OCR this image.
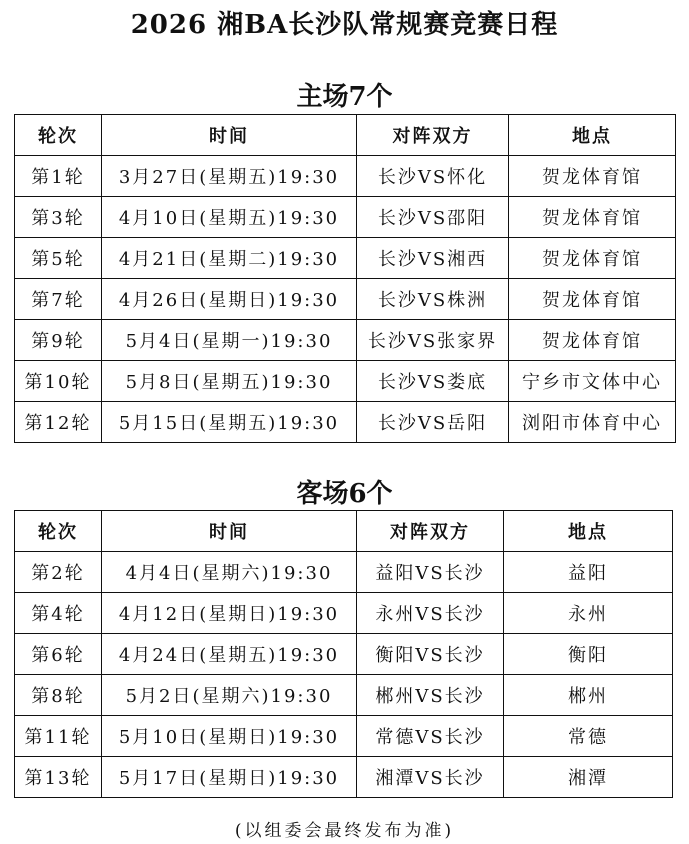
2026 湘BA长沙队常规赛竞赛日程
主场7个
轮次	时间	对阵双方	地点
第1轮	3月27日(星期五)19:30	长沙VS怀化	贺龙体育馆
第3轮	4月10日(星期五)19:30	长沙VS邵阳	贺龙体育馆
第5轮	4月21日(星期二)19:30	长沙VS湘西	贺龙体育馆
第7轮	4月26日(星期日)19:30	长沙VS株洲	贺龙体育馆
第9轮	5月4日(星期一)19:30	长沙VS张家界	贺龙体育馆
第10轮	5月8日(星期五)19:30	长沙VS娄底	宁乡市文体中心
第12轮	5月15日(星期五)19:30	长沙VS岳阳	浏阳市体育中心
客场6个
轮次	时间	对阵双方	地点
第2轮	4月4日(星期六)19:30	益阳VS长沙	益阳
第4轮	4月12日(星期日)19:30	永州VS长沙	永州
第6轮	4月24日(星期五)19:30	衡阳VS长沙	衡阳
第8轮	5月2日(星期六)19:30	郴州VS长沙	郴州
第11轮	5月10日(星期日)19:30	常德VS长沙	常德
第13轮	5月17日(星期日)19:30	湘潭VS长沙	湘潭
(以组委会最终发布为准)
